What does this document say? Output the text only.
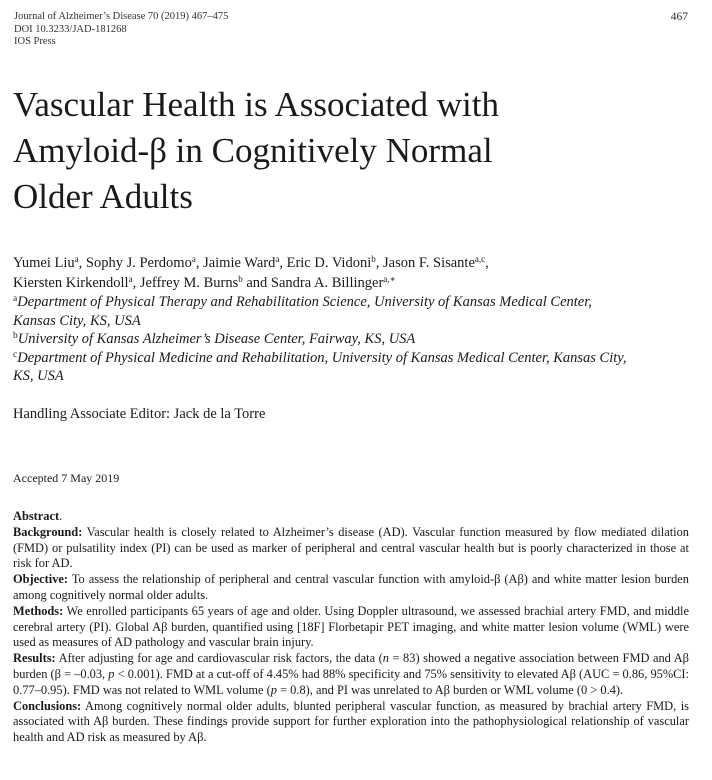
Journal of Alzheimer’s Disease 70 (2019) 467–475
DOI 10.3233/JAD-181268
IOS Press
467
Vascular Health is Associated with
Amyloid-β in Cognitively Normal
Older Adults
Yumei Liu$^a$, Sophy J. Perdomo$^a$, Jaimie Ward$^a$, Eric D. Vidoni$^b$, Jason F. Sisante$^{a,c}$,
Kiersten Kirkendoll$^a$, Jeffrey M. Burns$^b$ and Sandra A. Billinger$^{a,∗}$
$^a$Department of Physical Therapy and Rehabilitation Science, University of Kansas Medical Center,
Kansas City, KS, USA
$^b$University of Kansas Alzheimer’s Disease Center, Fairway, KS, USA
$^c$Department of Physical Medicine and Rehabilitation, University of Kansas Medical Center, Kansas City,
KS, USA
Handling Associate Editor: Jack de la Torre
Accepted 7 May 2019

Abstract.

Background: Vascular health is closely related to Alzheimer’s disease (AD). Vascular function measured by flow mediated dilation (FMD) or pulsatility index (PI) can be used as marker of peripheral and central vascular health but is poorly characterized in those at risk for AD.

Objective: To assess the relationship of peripheral and central vascular function with amyloid-β (Aβ) and white matter lesion burden among cognitively normal older adults.

Methods: We enrolled participants 65 years of age and older. Using Doppler ultrasound, we assessed brachial artery FMD, and middle cerebral artery (PI). Global Aβ burden, quantified using [18F] Florbetapir PET imaging, and white matter lesion volume (WML) were used as measures of AD pathology and vascular brain injury.

Results: After adjusting for age and cardiovascular risk factors, the data (n = 83) showed a negative association between FMD and Aβ burden (β = –0.03, p < 0.001). FMD at a cut-off of 4.45% had 88% specificity and 75% sensitivity to elevated Aβ (AUC = 0.86, 95%CI: 0.77–0.95). FMD was not related to WML volume (p = 0.8), and PI was unrelated to Aβ burden or WML volume (0 > 0.4).

Conclusions: Among cognitively normal older adults, blunted peripheral vascular function, as measured by brachial artery FMD, is associated with Aβ burden. These findings provide support for further exploration into the pathophysiological relationship of vascular health and AD risk as measured by Aβ.
